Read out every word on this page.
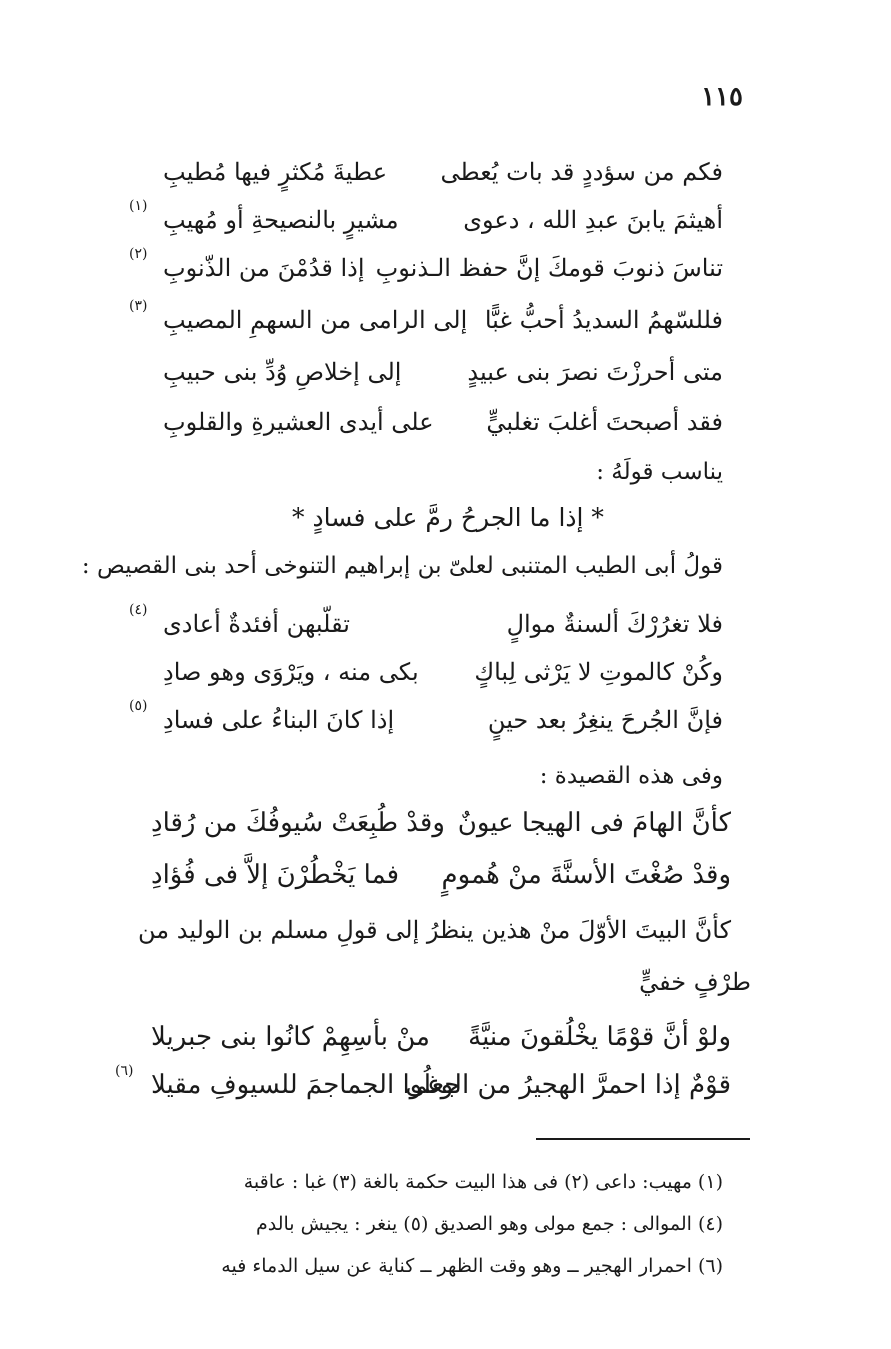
١١٥
فكم من سؤددٍ قد بات يُعطى
عطيةَ مُكثرٍ فيها مُطيبِ
أهيثمَ يابنَ عبدِ الله ، دعوى
مشيرٍ بالنصيحةِ أو مُهيبِ
(١)
تناسَ ذنوبَ قومكَ إنَّ حفظ الـذنوبِ
إذا قدُمْنَ من الذّنوبِ
(٢)
فللسّهمُ السديدُ أحبُّ غبًّا
إلى الرامى من السهمِ المصيبِ
(٣)
متى أحرزْتَ نصرَ بنى عبيدٍ
إلى إخلاصِ وُدِّ بنى حبيبِ
فقد أصبحتَ أغلبَ تغلبيٍّ
على أيدى العشيرةِ والقلوبِ
يناسب قولَهُ :
* إذا ما الجرحُ رمَّ على فسادٍ *
قولُ أبى الطيب المتنبى لعلىّ بن إبراهيم التنوخى أحد بنى القصيص :
فلا تغرُرْكَ ألسنةٌ موالٍ
تقلّبهن أفئدةٌ أعادى
(٤)
وكُنْ كالموتِ لا يَرْثى لِباكٍ
بكى منه ، ويَرْوَى وهو صادِ
فإنَّ الجُرحَ ينغِرُ بعد حينٍ
إذا كانَ البناءُ على فسادِ
(٥)
وفى هذه القصيدة :
كأنَّ الهامَ فى الهيجا عيونٌ
وقدْ طُبِعَتْ سُيوفُكَ من رُقادِ
وقدْ صُغْتَ الأسنَّةَ منْ هُمومٍ
فما يَخْطُرْنَ إلاَّ فى فُؤادِ
كأنَّ البيتَ الأوّلَ منْ هذين ينظرُ إلى قولِ مسلم بن الوليد من
طرْفٍ خفيٍّ
ولوْ أنَّ قوْمًا يخْلُقونَ منيَّةً
منْ بأسِهِمْ كانُوا بنى جبريلا
قوْمٌ إذا احمرَّ الهجيرُ من الوغى
جعلُوا الجماجمَ للسيوفِ مقيلا
(٦)
(١) مهيب: داعى (٢) فى هذا البيت حكمة بالغة (٣) غبا : عاقبة
(٤) الموالى : جمع مولى وهو الصديق (٥) ينغر : يجيش بالدم
(٦) احمرار الهجير ــ وهو وقت الظهر ــ كناية عن سيل الدماء فيه
